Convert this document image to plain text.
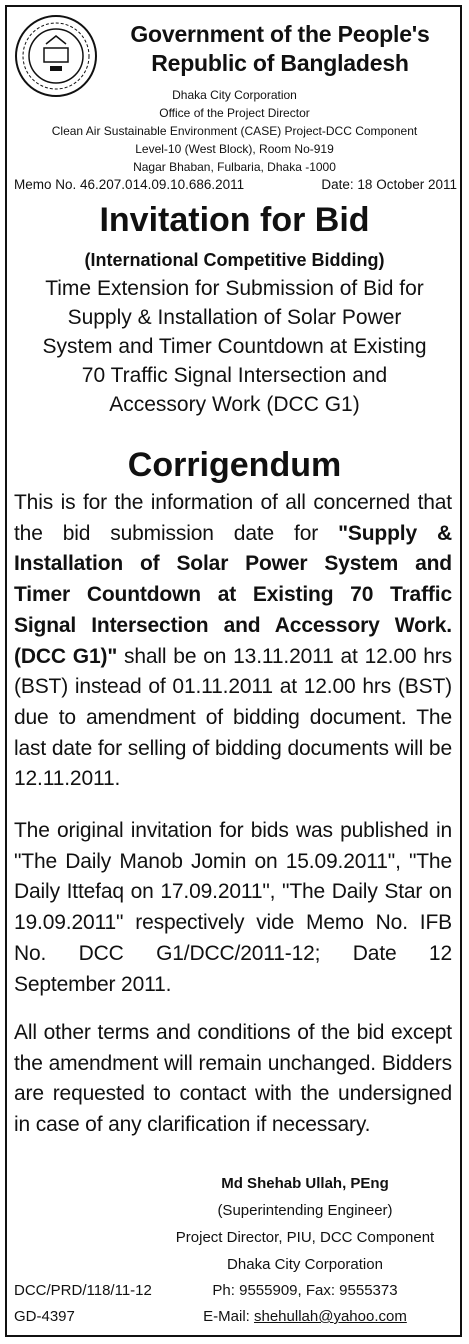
Government of the People's
Republic of Bangladesh
Dhaka City Corporation
Office of the Project Director
Clean Air Sustainable Environment (CASE) Project-DCC Component
Level-10 (West Block), Room No-919
Nagar Bhaban, Fulbaria, Dhaka -1000
Memo No. 46.207.014.09.10.686.2011	Date: 18 October 2011
Invitation for Bid
(International Competitive Bidding)
Time Extension for Submission of Bid for
Supply & Installation of Solar Power
System and Timer Countdown at Existing
70 Traffic Signal Intersection and
Accessory Work (DCC G1)
Corrigendum
This is for the information of all concerned that the bid submission date for "Supply & Installation of Solar Power System and Timer Countdown at Existing 70 Traffic Signal Intersection and Accessory Work. (DCC G1)" shall be on 13.11.2011 at 12.00 hrs (BST) instead of 01.11.2011 at 12.00 hrs (BST) due to amendment of bidding document. The last date for selling of bidding documents will be 12.11.2011.
The original invitation for bids was published in "The Daily Manob Jomin on 15.09.2011", "The Daily Ittefaq on 17.09.2011", "The Daily Star on 19.09.2011" respectively vide Memo No. IFB No. DCC G1/DCC/2011-12; Date 12 September 2011.
All other terms and conditions of the bid except the amendment will remain unchanged. Bidders are requested to contact with the undersigned in case of any clarification if necessary.
Md Shehab Ullah, PEng
(Superintending Engineer)
Project Director, PIU, DCC Component
Dhaka City Corporation
Ph: 9555909, Fax: 9555373
E-Mail: shehullah@yahoo.com
DCC/PRD/118/11-12
GD-4397
